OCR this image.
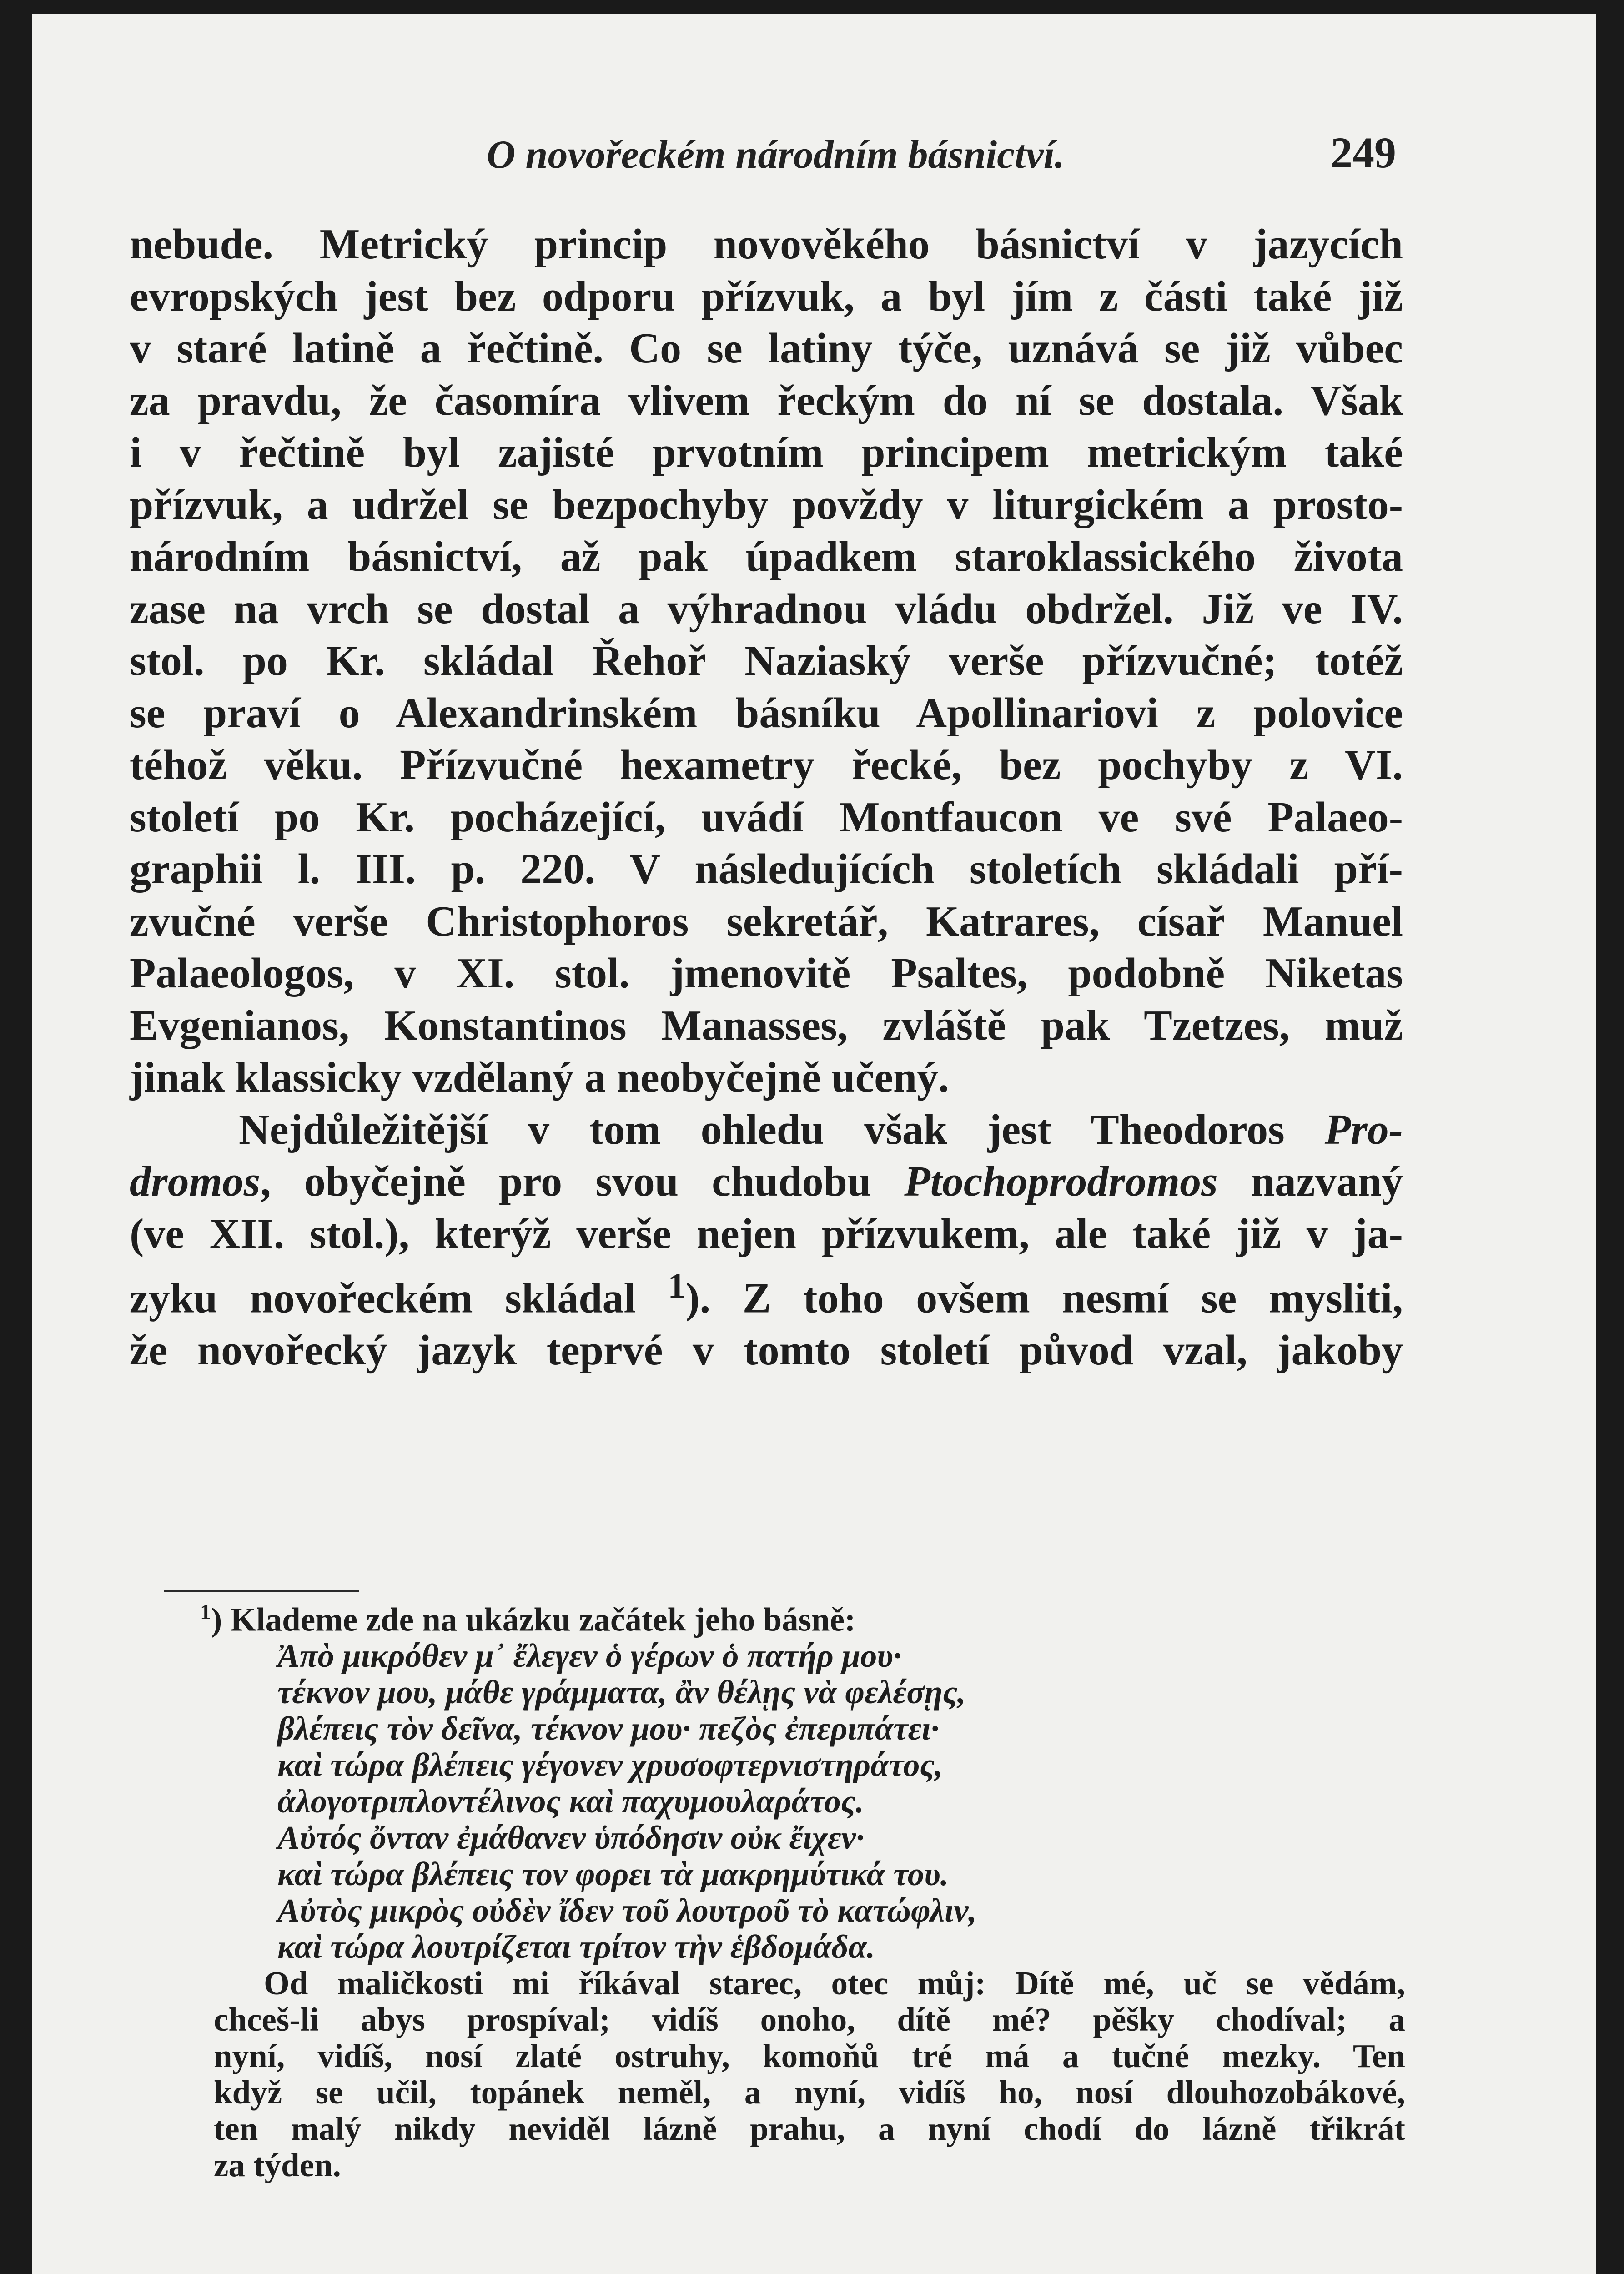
O novořeckém národním básnictví.	249
nebude. Metrický princip novověkého básnictví v jazycích
evropských jest bez odporu přízvuk, a byl jím z části také již
v staré latině a řečtině. Co se latiny týče, uznává se již vůbec
za pravdu, že časomíra vlivem řeckým do ní se dostala. Však
i v řečtině byl zajisté prvotním principem metrickým také
přízvuk, a udržel se bezpochyby povždy v liturgickém a prosto-
národním básnictví, až pak úpadkem staroklassického života
zase na vrch se dostal a výhradnou vládu obdržel. Již ve IV.
stol. po Kr. skládal Řehoř Naziaský verše přízvučné; totéž
se praví o Alexandrinském básníku Apollinariovi z polovice
téhož věku. Přízvučné hexametry řecké, bez pochyby z VI.
století po Kr. pocházející, uvádí Montfaucon ve své Palaeo-
graphii l. III. p. 220. V následujících stoletích skládali pří-
zvučné verše Christophoros sekretář, Katrares, císař Manuel
Palaeologos, v XI. stol. jmenovitě Psaltes, podobně Niketas
Evgenianos, Konstantinos Manasses, zvláště pak Tzetzes, muž
jinak klassicky vzdělaný a neobyčejně učený.
Nejdůležitější v tom ohledu však jest Theodoros Pro-
dromos, obyčejně pro svou chudobu Ptochoprodromos nazvaný
(ve XII. stol.), kterýž verše nejen přízvukem, ale také již v ja-
zyku novořeckém skládal $^1$). Z toho ovšem nesmí se mysliti,
že novořecký jazyk teprvé v tomto století původ vzal, jakoby
$^1$) Klademe zde na ukázku začátek jeho básně:
Ἀπὸ μικρόθεν μ᾽ ἔλεγεν ὁ γέρων ὁ πατήρ μου·
τέκνον μου, μάθε γράμματα, ἂν θέλῃς νὰ φελέσῃς,
βλέπεις τὸν δεῖνα, τέκνον μου· πεζὸς ἐπεριπάτει·
καὶ τώρα βλέπεις γέγονεν χρυσοφτερνιστηράτος,
ἀλογοτριπλοντέλινος καὶ παχυμουλαράτος.
Αὐτός ὄνταν ἐμάθανεν ὑπόδησιν οὐκ ἔιχεν·
καὶ τώρα βλέπεις τον φορει τὰ μακρημύτικά του.
Αὐτὸς μικρὸς οὐδὲν ἴδεν τοῦ λουτροῦ τὸ κατώφλιν,
καὶ τώρα λουτρίζεται τρίτον τὴν ἑβδομάδα.
Od maličkosti mi říkával starec, otec můj: Dítě mé, uč se vědám,
chceš-li abys prospíval; vidíš onoho, dítě mé? pěšky chodíval; a
nyní, vidíš, nosí zlaté ostruhy, komoňů tré má a tučné mezky. Ten
když se učil, topánek neměl, a nyní, vidíš ho, nosí dlouhozobákové,
ten malý nikdy neviděl lázně prahu, a nyní chodí do lázně třikrát
za týden.
